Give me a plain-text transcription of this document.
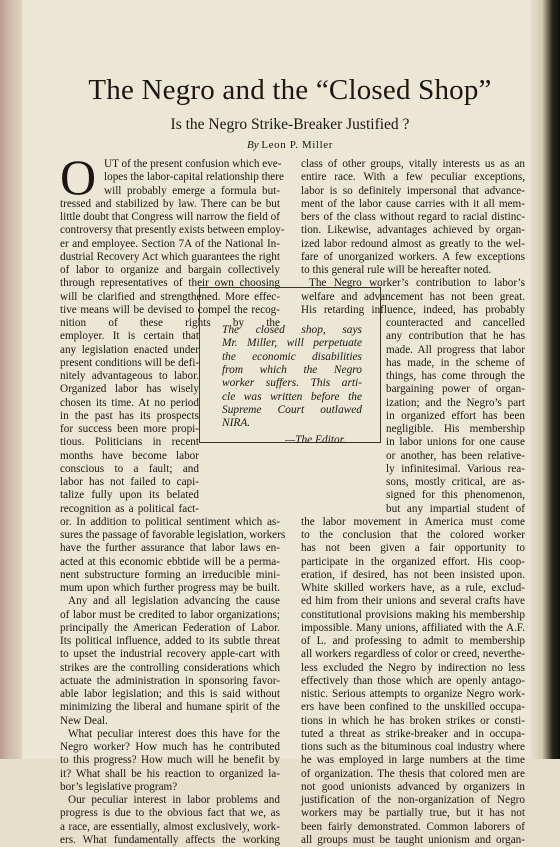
The Negro and the “Closed Shop”
Is the Negro Strike-Breaker Justified ?

By Leon P. Miller

O UT of the present confusion which eve-
lopes the labor-capital relationship there
will probably emerge a formula but-
tressed and stabilized by law. There can be but
little doubt that Congress will narrow the field of
controversy that presently exists between employ-
er and employee. Section 7A of the National In-
dustrial Recovery Act which guarantees the right
of labor to organize and bargain collectively
through representatives of their own choosing
will be clarified and strengthened. More effec-
tive means will be devised to compel the recog-
nition of these rights by the
employer. It is certain that
any legislation enacted under
present conditions will be defi-
nitely advantageous to labor.
Organized labor has wisely
chosen its time. At no period
in the past has its prospects
for success been more propi-
tious. Politicians in recent
months have become labor
conscious to a fault; and
labor has not failed to capi-
talize fully upon its belated
recognition as a political fact-
or. In addition to political sentiment which as-
sures the passage of favorable legislation, workers
have the further assurance that labor laws en-
acted at this economic ebbtide will be a perma-
nent substructure forming an irreducible mini-
mum upon which further progress may be built.
Any and all legislation advancing the cause
of labor must be credited to labor organizations;
principally the American Federation of Labor.
Its political influence, added to its subtle threat
to upset the industrial recovery apple-cart with
strikes are the controlling considerations which
actuate the administration in sponsoring favor-
able labor legislation; and this is said without
minimizing the liberal and humane spirit of the
New Deal.
What peculiar interest does this have for the
Negro worker? How much has he contributed
to this progress? How much will he benefit by
it? What shall be his reaction to organized la-
bor’s legislative program?
Our peculiar interest in labor problems and
progress is due to the obvious fact that we, as
a race, are essentially, almost exclusively, work-
ers. What fundamentally affects the working
class of other groups, vitally interests us as an
entire race. With a few peculiar exceptions,
labor is so definitely impersonal that advance-
ment of the labor cause carries with it all mem-
bers of the class without regard to racial distinc-
tion. Likewise, advantages achieved by organ-
ized labor redound almost as greatly to the wel-
fare of unorganized workers. A few exceptions
to this general rule will be hereafter noted.
The Negro worker’s contribution to labor’s
welfare and advancement has not been great.
His retarding influence, indeed, has probably
counteracted and cancelled
any contribution that he has
made. All progress that labor
has made, in the scheme of
things, has come through the
bargaining power of organ-
ization; and the Negro’s part
in organized effort has been
negligible. His membership
in labor unions for one cause
or another, has been relative-
ly infinitesimal. Various rea-
sons, mostly critical, are as-
signed for this phenomenon,
but any impartial student of
the labor movement in America must come
to the conclusion that the colored worker
has not been given a fair opportunity to
participate in the organized effort. His coop-
eration, if desired, has not been insisted upon.
White skilled workers have, as a rule, exclud-
ed him from their unions and several crafts have
constitutional provisions making his membership
impossible. Many unions, affiliated with the A.F.
of L. and professing to admit to membership
all workers regardless of color or creed, neverthe-
less excluded the Negro by indirection no less
effectively than those which are openly antago-
nistic. Serious attempts to organize Negro work-
ers have been confined to the unskilled occupa-
tions in which he has broken strikes or consti-
tuted a threat as strike-breaker and in occupa-
tions such as the bituminous coal industry where
he was employed in large numbers at the time
of organization. The thesis that colored men are
not good unionists advanced by organizers in
justification of the non-organization of Negro
workers may be partially true, but it has not
been fairly demonstrated. Common laborers of
all groups must be taught unionism and organ-
The closed shop, says
Mr. Miller, will perpetuate
the economic disabilities
from which the Negro
worker suffers. This arti-
cle was written before the
Supreme Court outlawed
NIRA.
—The Editor.
